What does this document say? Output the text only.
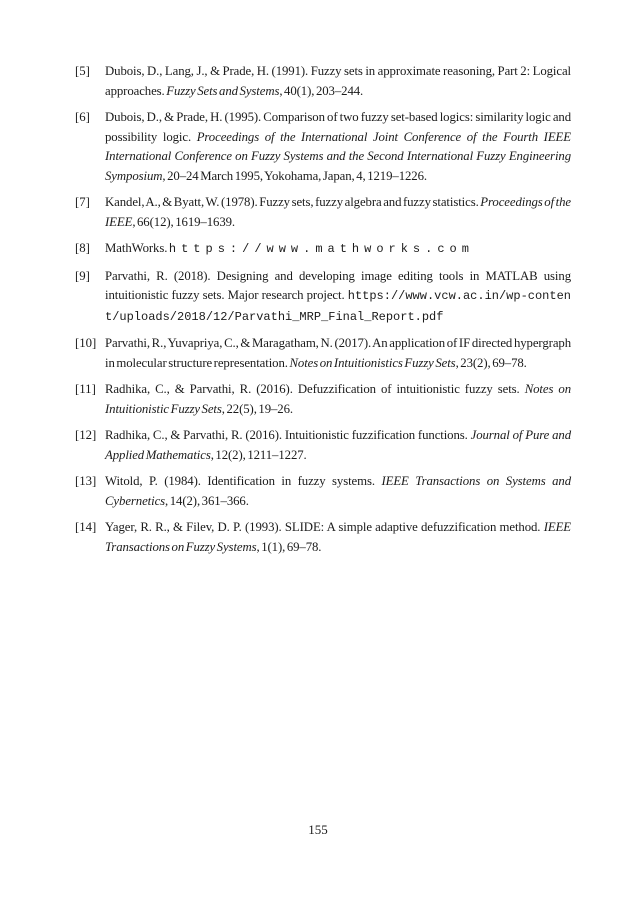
[5] Dubois, D., Lang, J., & Prade, H. (1991). Fuzzy sets in approximate reasoning, Part 2: Logical approaches. Fuzzy Sets and Systems, 40(1), 203–244.

[6] Dubois, D., & Prade, H. (1995). Comparison of two fuzzy set-based logics: similarity logic and possibility logic. Proceedings of the International Joint Conference of the Fourth IEEE International Conference on Fuzzy Systems and the Second International Fuzzy Engineering Symposium, 20–24 March 1995, Yokohama, Japan, 4, 1219–1226.

[7] Kandel, A., & Byatt, W. (1978). Fuzzy sets, fuzzy algebra and fuzzy statistics. Proceedings of the IEEE, 66(12), 1619–1639.

[8] MathWorks. https://www.mathworks.com

[9] Parvathi, R. (2018). Designing and developing image editing tools in MATLAB using intuitionistic fuzzy sets. Major research project. https://www.vcw.ac.in/wp-content/uploads/2018/12/Parvathi_MRP_Final_Report.pdf

[10] Parvathi, R., Yuvapriya, C., & Maragatham, N. (2017). An application of IF directed hypergraph in molecular structure representation. Notes on Intuitionistics Fuzzy Sets, 23(2), 69–78.

[11] Radhika, C., & Parvathi, R. (2016). Defuzzification of intuitionistic fuzzy sets. Notes on Intuitionistic Fuzzy Sets, 22(5), 19–26.

[12] Radhika, C., & Parvathi, R. (2016). Intuitionistic fuzzification functions. Journal of Pure and Applied Mathematics, 12(2), 1211–1227.

[13] Witold, P. (1984). Identification in fuzzy systems. IEEE Transactions on Systems and Cybernetics, 14(2), 361–366.

[14] Yager, R. R., & Filev, D. P. (1993). SLIDE: A simple adaptive defuzzification method. IEEE Transactions on Fuzzy Systems, 1(1), 69–78.

155
